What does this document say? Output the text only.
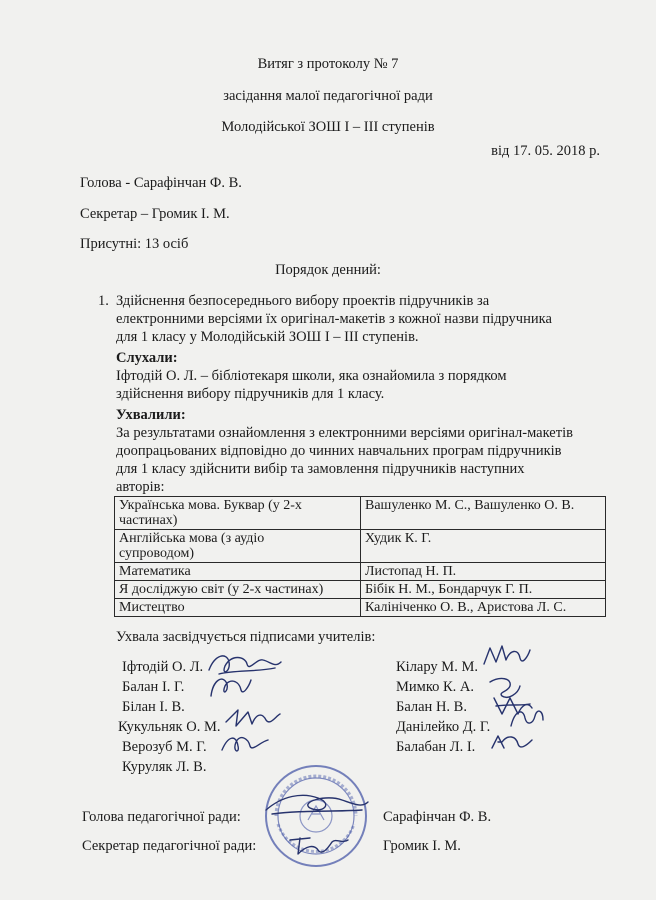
Витяг з протоколу № 7
засідання малої педагогічної ради
Молодійської ЗОШ І – ІІІ ступенів
від 17. 05. 2018 р.
Голова - Сарафінчан Ф. В.
Секретар – Громик І. М.
Присутні: 13 осіб
Порядок денний:
1. Здійснення безпосереднього вибору проектів підручників за
електронними версіями їх оригінал-макетів з кожної назви підручника
для 1 класу у Молодійській ЗОШ І – ІІІ ступенів.
Слухали:
Іфтодій О. Л. – бібліотекаря школи, яка ознайомила з порядком
здійснення вибору підручників для 1 класу.
Ухвалили:
За результатами ознайомлення з електронними версіями оригінал-макетів
доопрацьованих відповідно до чинних навчальних програм підручників
для 1 класу здійснити вибір та замовлення підручників наступних
авторів:
Українська мова. Буквар (у 2-х
частинах)	Вашуленко М. С., Вашуленко О. В.
Англійська мова (з аудіо
супроводом)	Худик К. Г.
Математика	Листопад Н. П.
Я досліджую світ (у 2-х частинах)	Бібік Н. М., Бондарчук Г. П.
Мистецтво	Калініченко О. В., Аристова Л. С.
Ухвала засвідчується підписами учителів:
Іфтодій О. Л.
Балан І. Г.
Білан І. В.
Кукульняк О. М.
Верозуб М. Г.
Куруляк Л. В.
Кілару М. М.
Мимко К. А.
Балан Н. В.
Данілейко Д. Г.
Балабан Л. І.
Голова педагогічної ради:	Сарафінчан Ф. В.
Секретар педагогічної ради:	Громик І. М.
